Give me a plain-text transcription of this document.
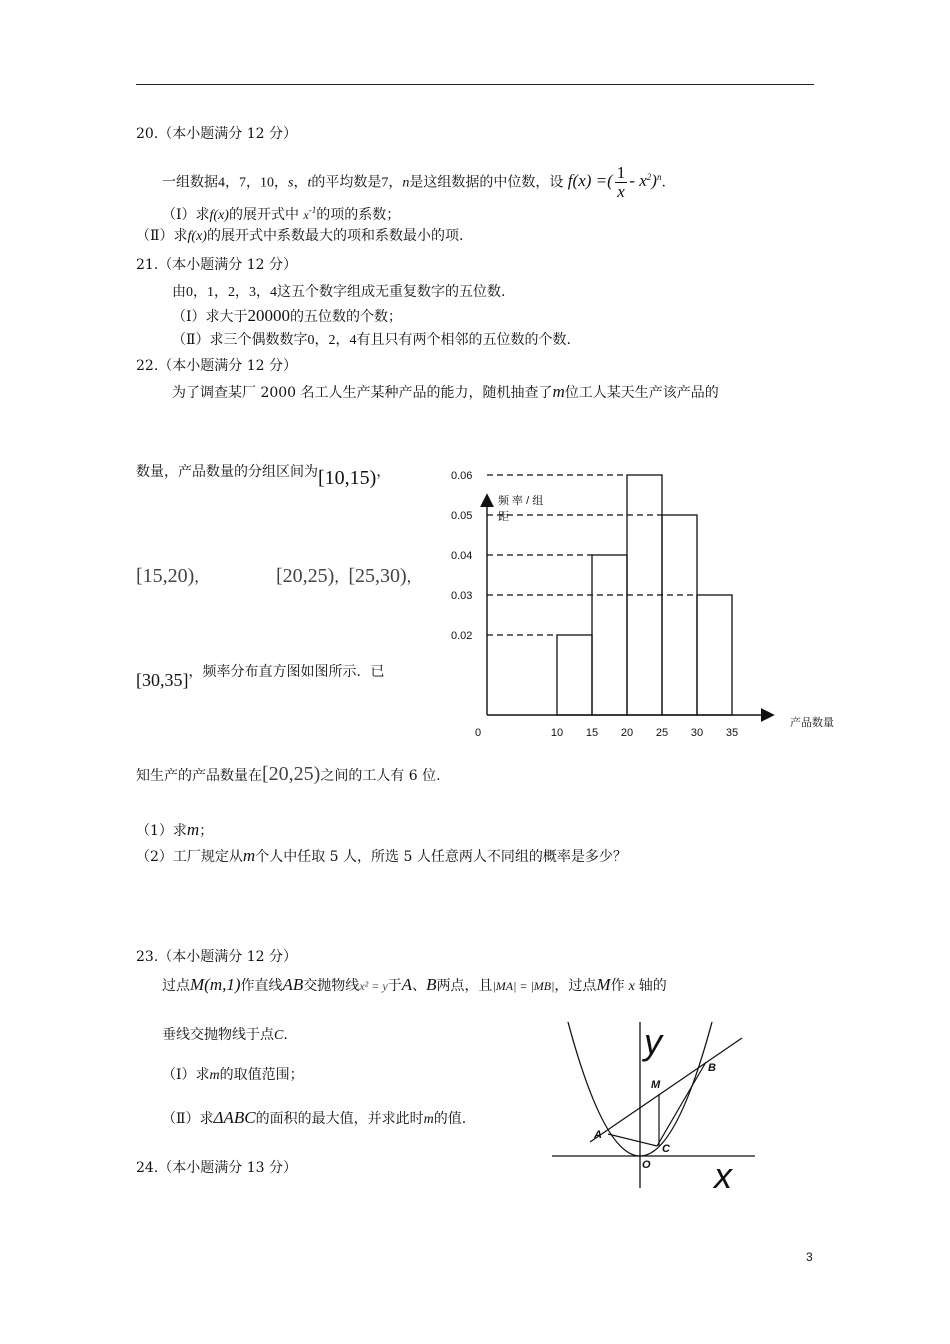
20.（本小题满分 12 分）
一组数据4，7，10，s，t的平均数是7，n是这组数据的中位数，设 f(x) =( $\frac{1}{x} - x^2)^n$.
（Ⅰ）求f(x)的展开式中 $x^{-1}$的项的系数；
（Ⅱ）求f(x)的展开式中系数最大的项和系数最小的项.
21.（本小题满分 12 分）
由0，1，2，3，4这五个数字组成无重复数字的五位数.
（Ⅰ）求大于20000的五位数的个数；
（Ⅱ）求三个偶数数字0，2，4有且只有两个相邻的五位数的个数.
22.（本小题满分 12 分）
为了调查某厂 2000 名工人生产某种产品的能力，随机抽查了m位工人某天生产该产品的
数量，产品数量的分组区间为[10,15)，
[15,20)，	[20,25)，[25,30)，
[30,35]，频率分布直方图如图所示．已
知生产的产品数量在[20,25)之间的工人有 6 位.
（1）求m；
（2）工厂规定从m个人中任取 5 人，所选 5 人任意两人不同组的概率是多少？
频 率 / 组距
产品数量
0
0.02
0.03
0.04
0.05
0.06
10 15 20 25 30 35
23.（本小题满分 12 分）
过点M(m,1)作直线AB交抛物线x² = y于A、B两点，且|MA| = |MB|，过点M作 x 轴的
垂线交抛物线于点C.
（Ⅰ）求m的取值范围；
（Ⅱ）求ΔABC的面积的最大值，并求此时m的值.
y
x
M
B
A
C
O
24.（本小题满分 13 分）
3
